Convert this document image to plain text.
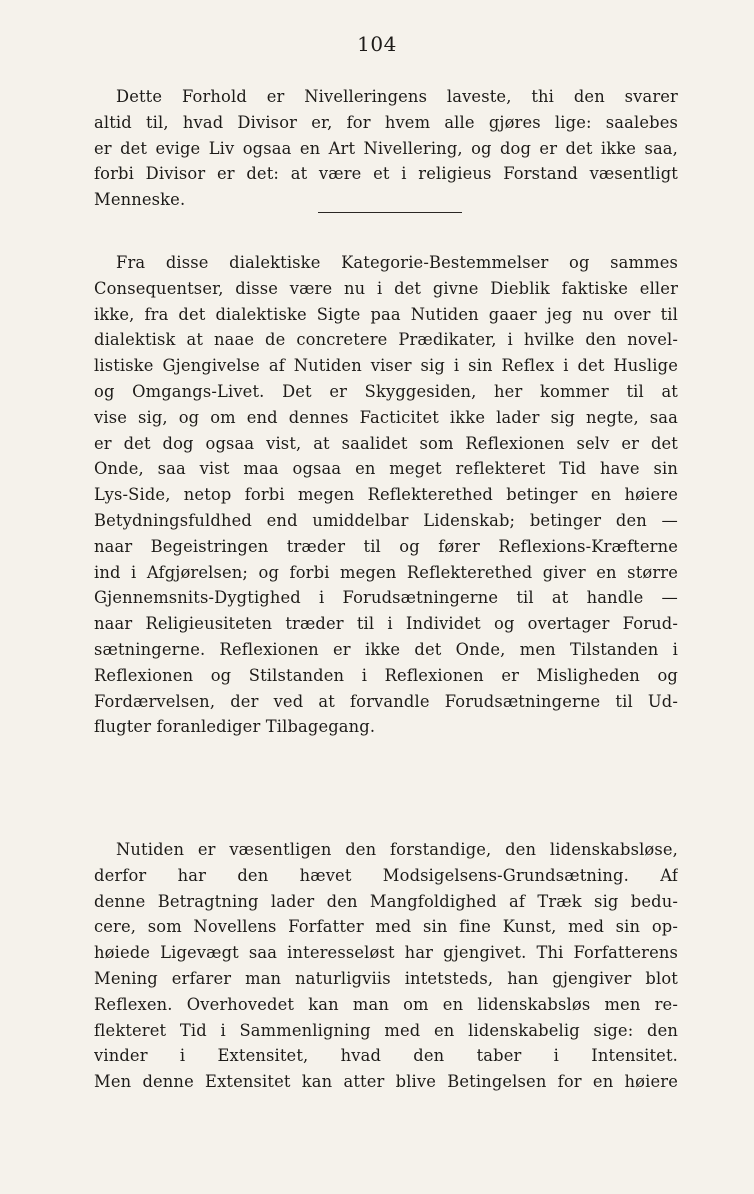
104
Dette Forhold er Nivelleringens laveste, thi den svarer
altid til, hvad Divisor er, for hvem alle gjøres lige: saalebes
er det evige Liv ogsaa en Art Nivellering, og dog er det ikke saa,
forbi Divisor er det: at være et i religieus Forstand væsentligt
Menneske.
Fra disse dialektiske Kategorie-Bestemmelser og sammes
Consequentser, disse være nu i det givne Dieblik faktiske eller
ikke, fra det dialektiske Sigte paa Nutiden gaaer jeg nu over til
dialektisk at naae de concretere Prædikater, i hvilke den novel-
listiske Gjengivelse af Nutiden viser sig i sin Reflex i det Huslige
og Omgangs-Livet. Det er Skyggesiden, her kommer til at
vise sig, og om end dennes Facticitet ikke lader sig negte, saa
er det dog ogsaa vist, at saalidet som Reflexionen selv er det
Onde, saa vist maa ogsaa en meget reflekteret Tid have sin
Lys-Side, netop forbi megen Reflekterethed betinger en høiere
Betydningsfuldhed end umiddelbar Lidenskab; betinger den —
naar Begeistringen træder til og fører Reflexions-Kræfterne
ind i Afgjørelsen; og forbi megen Reflekterethed giver en større
Gjennemsnits-Dygtighed i Forudsætningerne til at handle —
naar Religieusiteten træder til i Individet og overtager Forud-
sætningerne. Reflexionen er ikke det Onde, men Tilstanden i
Reflexionen og Stilstanden i Reflexionen er Misligheden og
Fordærvelsen, der ved at forvandle Forudsætningerne til Ud-
flugter foranlediger Tilbagegang.
Nutiden er væsentligen den forstandige, den lidenskabsløse,
derfor har den hævet Modsigelsens-Grundsætning. Af
denne Betragtning lader den Mangfoldighed af Træk sig bedu-
cere, som Novellens Forfatter med sin fine Kunst, med sin op-
høiede Ligevægt saa interesseløst har gjengivet. Thi Forfatterens
Mening erfarer man naturligviis intetsteds, han gjengiver blot
Reflexen. Overhovedet kan man om en lidenskabsløs men re-
flekteret Tid i Sammenligning med en lidenskabelig sige: den
vinder i Extensitet, hvad den taber i Intensitet.
Men denne Extensitet kan atter blive Betingelsen for en høiere
